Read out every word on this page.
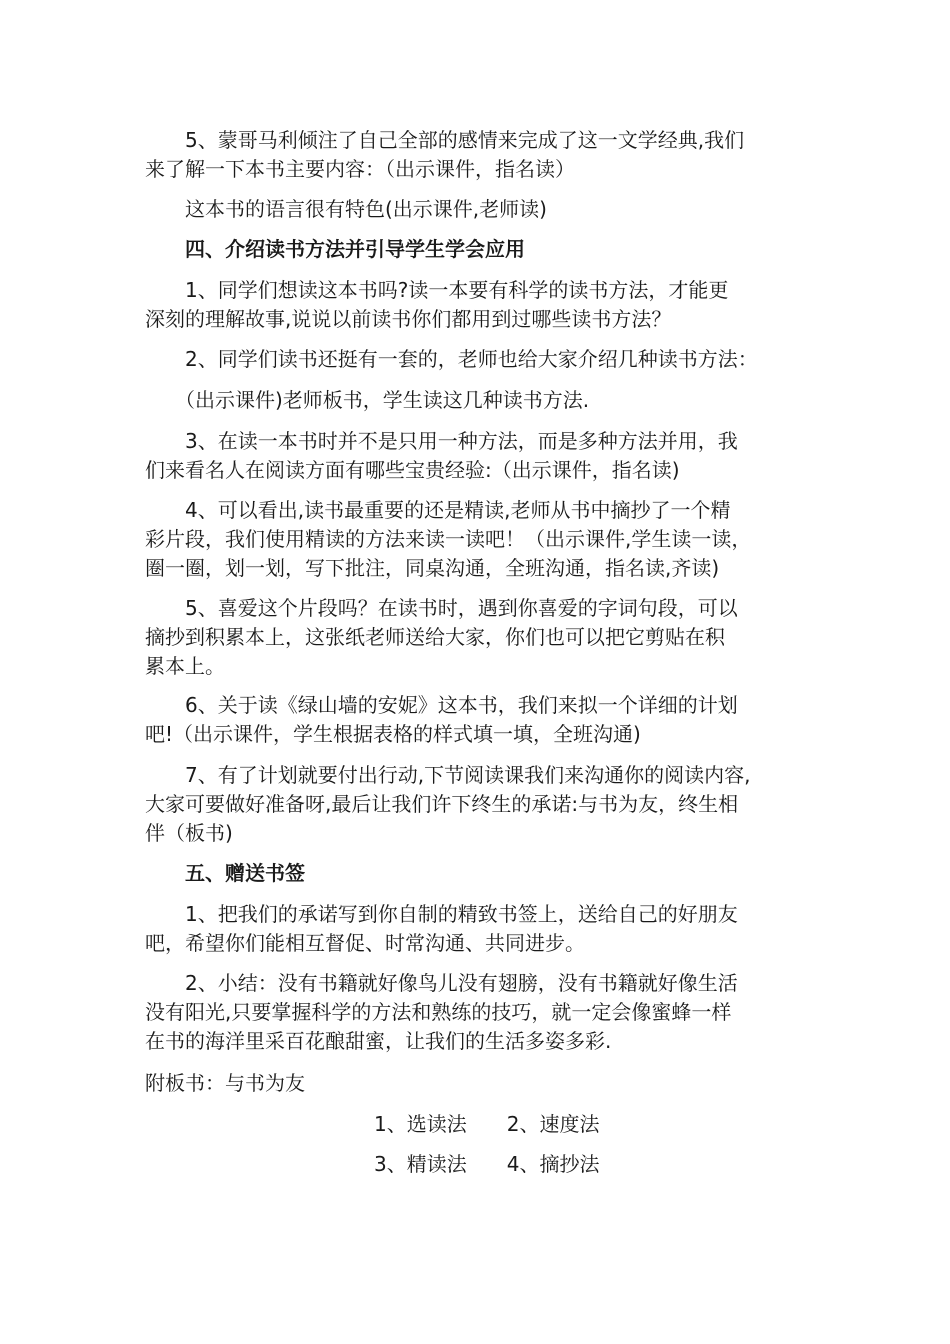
　　5、蒙哥马利倾注了自己全部的感情来完成了这一文学经典,我们
来了解一下本书主要内容：（出示课件，指名读）

　　这本书的语言很有特色(出示课件,老师读)

　　四、介绍读书方法并引导学生学会应用

　　1、同学们想读这本书吗?读一本要有科学的读书方法，才能更
深刻的理解故事,说说以前读书你们都用到过哪些读书方法？

　　2、同学们读书还挺有一套的，老师也给大家介绍几种读书方法：

　　（出示课件)老师板书，学生读这几种读书方法.

　　3、在读一本书时并不是只用一种方法，而是多种方法并用，我
们来看名人在阅读方面有哪些宝贵经验:（出示课件，指名读)

　　4、可以看出,读书最重要的还是精读,老师从书中摘抄了一个精
彩片段，我们使用精读的方法来读一读吧！（出示课件,学生读一读，
圈一圈，划一划，写下批注，同桌沟通，全班沟通，指名读,齐读)

　　5、喜爱这个片段吗？在读书时，遇到你喜爱的字词句段，可以
摘抄到积累本上，这张纸老师送给大家，你们也可以把它剪贴在积
累本上。

　　6、关于读《绿山墙的安妮》这本书，我们来拟一个详细的计划
吧!（出示课件，学生根据表格的样式填一填，全班沟通)

　　7、有了计划就要付出行动,下节阅读课我们来沟通你的阅读内容,
大家可要做好准备呀,最后让我们许下终生的承诺:与书为友，终生相
伴（板书)

　　五、赠送书签

　　1、把我们的承诺写到你自制的精致书签上，送给自己的好朋友
吧，希望你们能相互督促、时常沟通、共同进步。

　　2、小结：没有书籍就好像鸟儿没有翅膀，没有书籍就好像生活
没有阳光,只要掌握科学的方法和熟练的技巧，就一定会像蜜蜂一样
在书的海洋里采百花酿甜蜜，让我们的生活多姿多彩.

附板书：与书为友
1、选读法　　2、速度法
3、精读法　　4、摘抄法
